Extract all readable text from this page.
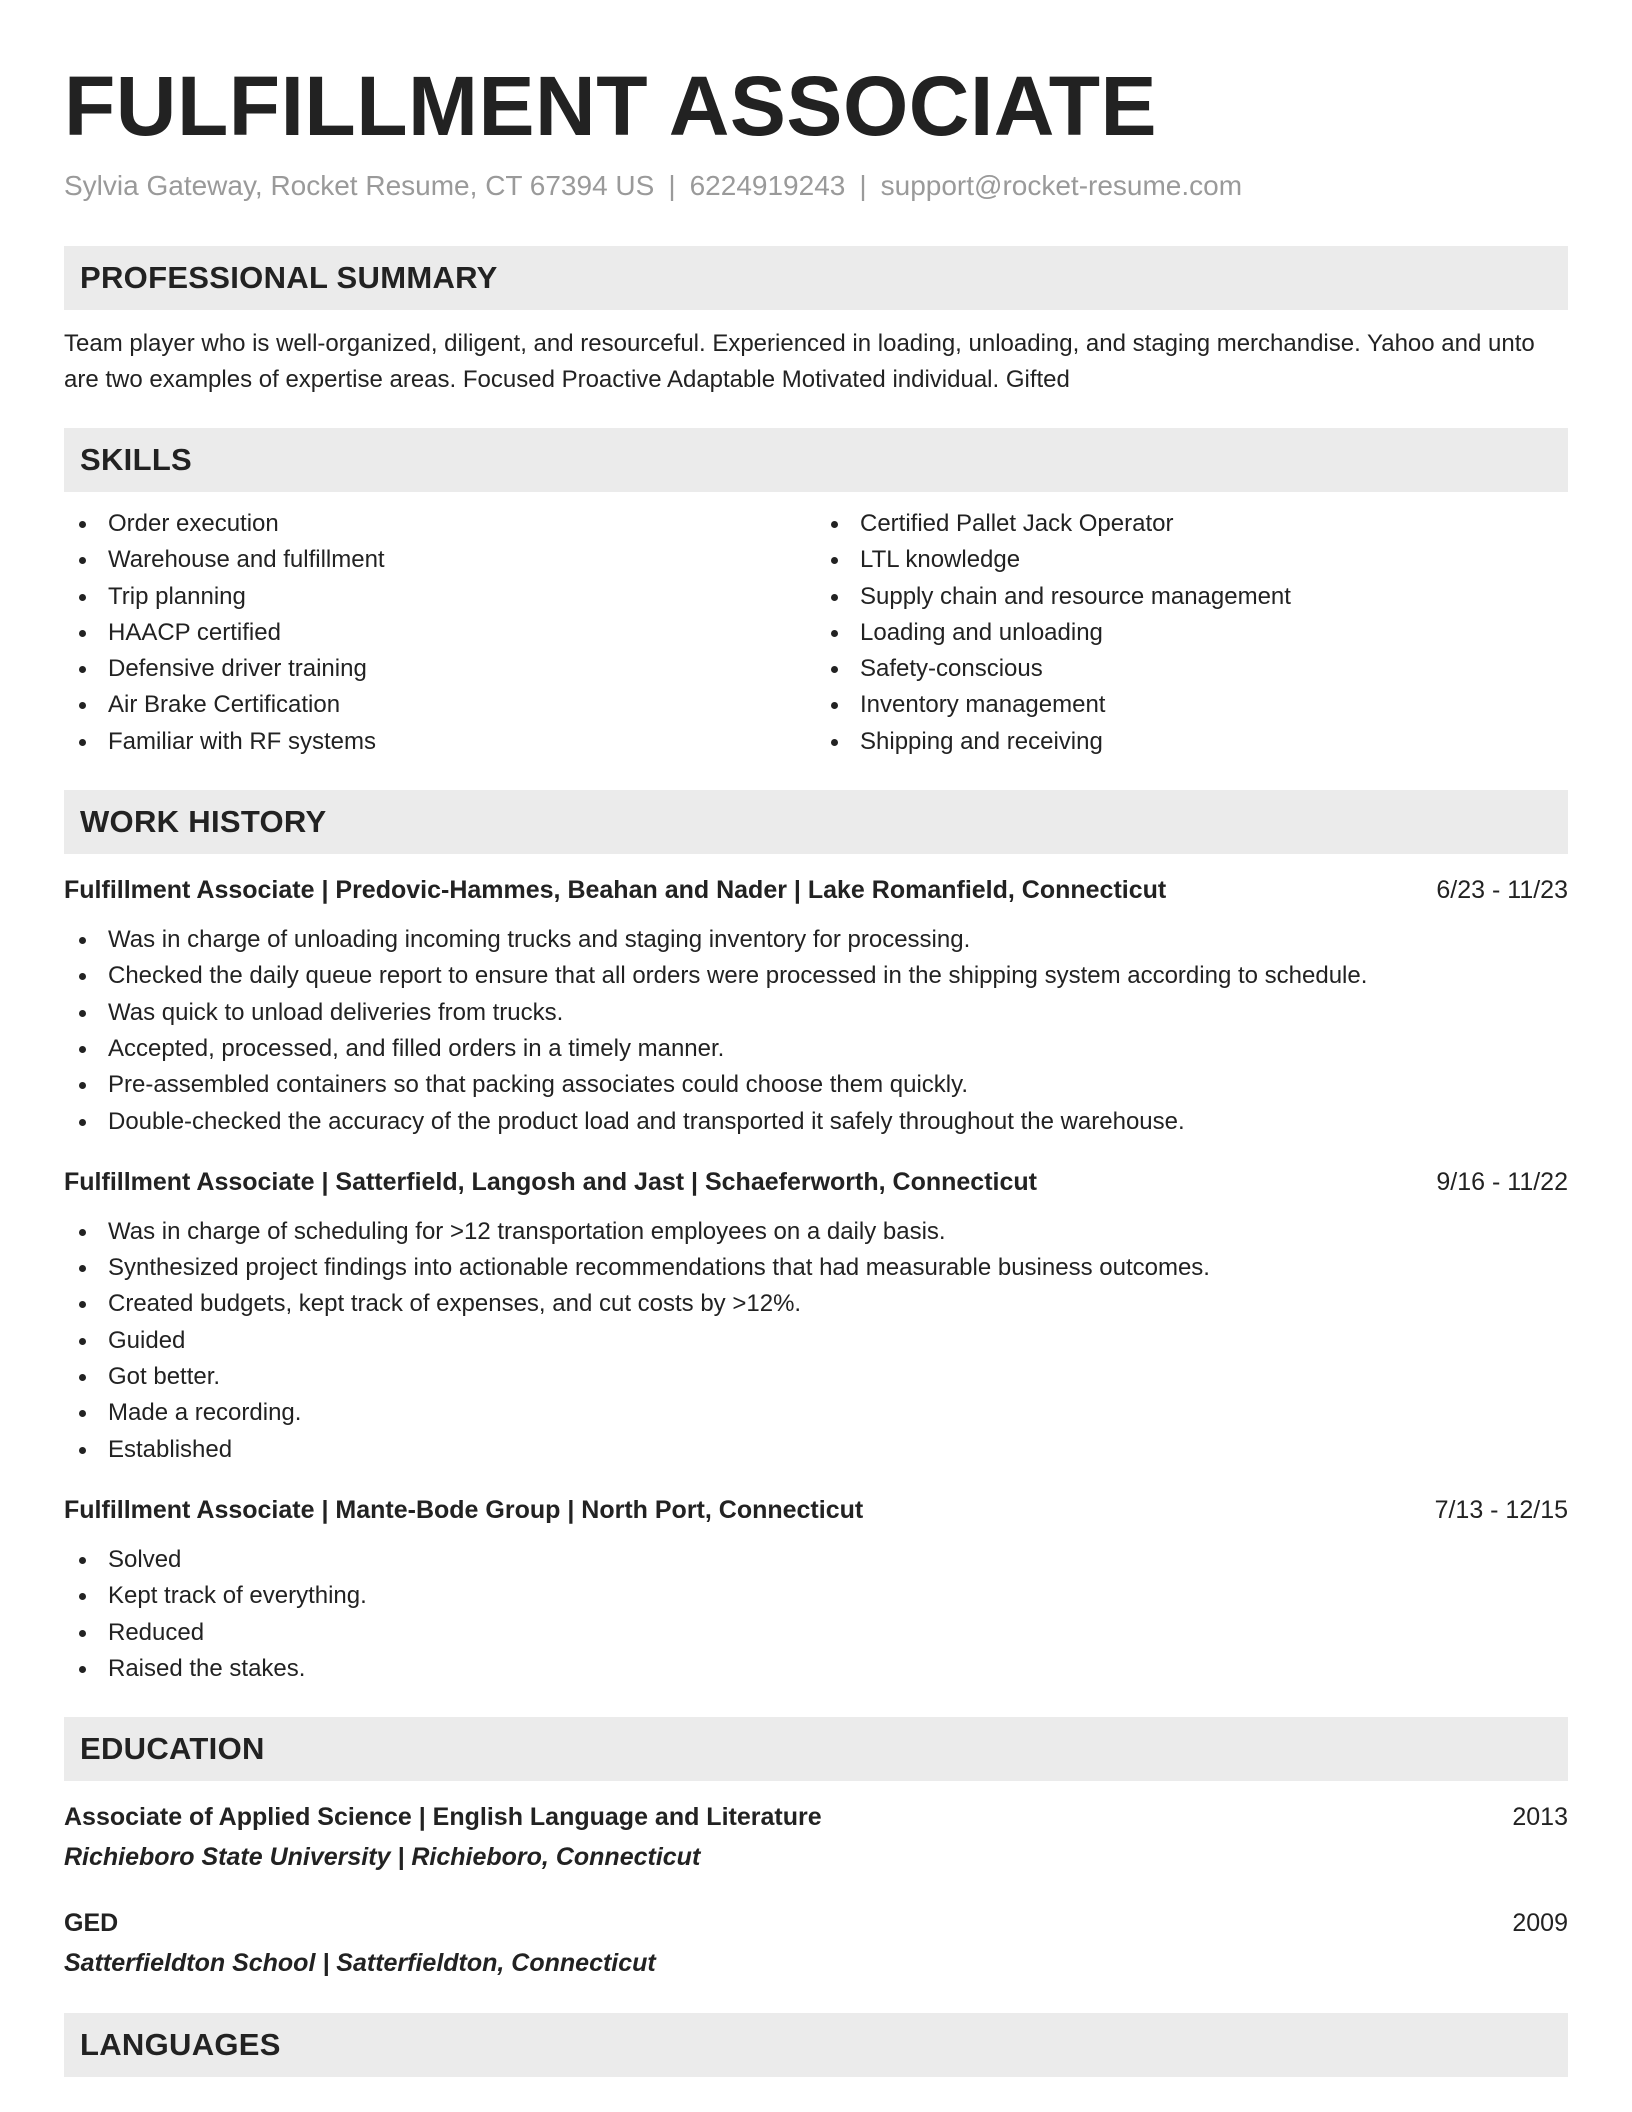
FULFILLMENT ASSOCIATE
Sylvia Gateway, Rocket Resume, CT 67394 US | 6224919243 | support@rocket-resume.com
PROFESSIONAL SUMMARY
Team player who is well-organized, diligent, and resourceful. Experienced in loading, unloading, and staging merchandise. Yahoo and unto are two examples of expertise areas. Focused Proactive Adaptable Motivated individual. Gifted
SKILLS
Order execution
Warehouse and fulfillment
Trip planning
HAACP certified
Defensive driver training
Air Brake Certification
Familiar with RF systems
Certified Pallet Jack Operator
LTL knowledge
Supply chain and resource management
Loading and unloading
Safety-conscious
Inventory management
Shipping and receiving
WORK HISTORY
Fulfillment Associate | Predovic-Hammes, Beahan and Nader | Lake Romanfield, Connecticut	6/23 - 11/23
Was in charge of unloading incoming trucks and staging inventory for processing.
Checked the daily queue report to ensure that all orders were processed in the shipping system according to schedule.
Was quick to unload deliveries from trucks.
Accepted, processed, and filled orders in a timely manner.
Pre-assembled containers so that packing associates could choose them quickly.
Double-checked the accuracy of the product load and transported it safely throughout the warehouse.
Fulfillment Associate | Satterfield, Langosh and Jast | Schaeferworth, Connecticut	9/16 - 11/22
Was in charge of scheduling for >12 transportation employees on a daily basis.
Synthesized project findings into actionable recommendations that had measurable business outcomes.
Created budgets, kept track of expenses, and cut costs by >12%.
Guided
Got better.
Made a recording.
Established
Fulfillment Associate | Mante-Bode Group | North Port, Connecticut	7/13 - 12/15
Solved
Kept track of everything.
Reduced
Raised the stakes.
EDUCATION
Associate of Applied Science | English Language and Literature	2013
Richieboro State University | Richieboro, Connecticut
GED	2009
Satterfieldton School | Satterfieldton, Connecticut
LANGUAGES
